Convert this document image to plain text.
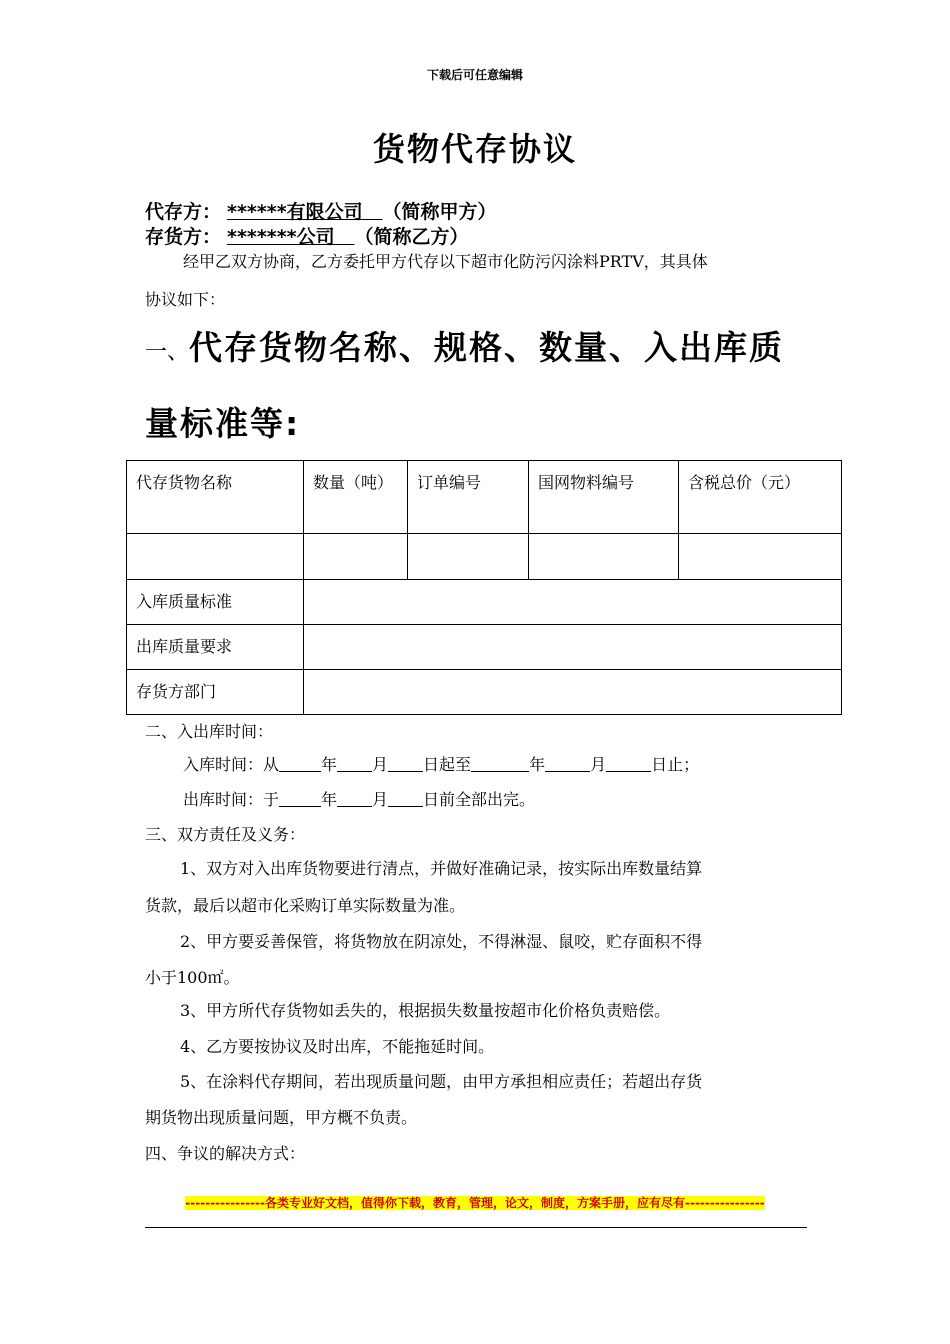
下载后可任意编辑
货物代存协议
代存方： ******有限公司 （简称甲方）
存货方： *******公司 （简称乙方）
经甲乙双方协商，乙方委托甲方代存以下超市化防污闪涂料PRTV，其具体
协议如下：
一、代存货物名称、规格、数量、入出库质
量标准等:
代存货物名称	数量（吨）	订单编号	国网物料编号	含税总价（元）

入库质量标准				
出库质量要求				
存货方部门				
二、入出库时间：
入库时间：从	年 月 日起至	年	月	日止；
出库时间：于	年 月 日前全部出完。
三、双方责任及义务：
1、双方对入出库货物要进行清点，并做好准确记录，按实际出库数量结算
货款，最后以超市化采购订单实际数量为准。
2、甲方要妥善保管，将货物放在阴凉处，不得淋湿、鼠咬，贮存面积不得
小于100㎡。
3、甲方所代存货物如丢失的，根据损失数量按超市化价格负责赔偿。
4、乙方要按协议及时出库，不能拖延时间。
5、在涂料代存期间，若出现质量问题，由甲方承担相应责任；若超出存货
期货物出现质量问题，甲方概不负责。
四、争议的解决方式：
----------------各类专业好文档，值得你下载，教育，管理，论文，制度，方案手册，应有尽有----------------
